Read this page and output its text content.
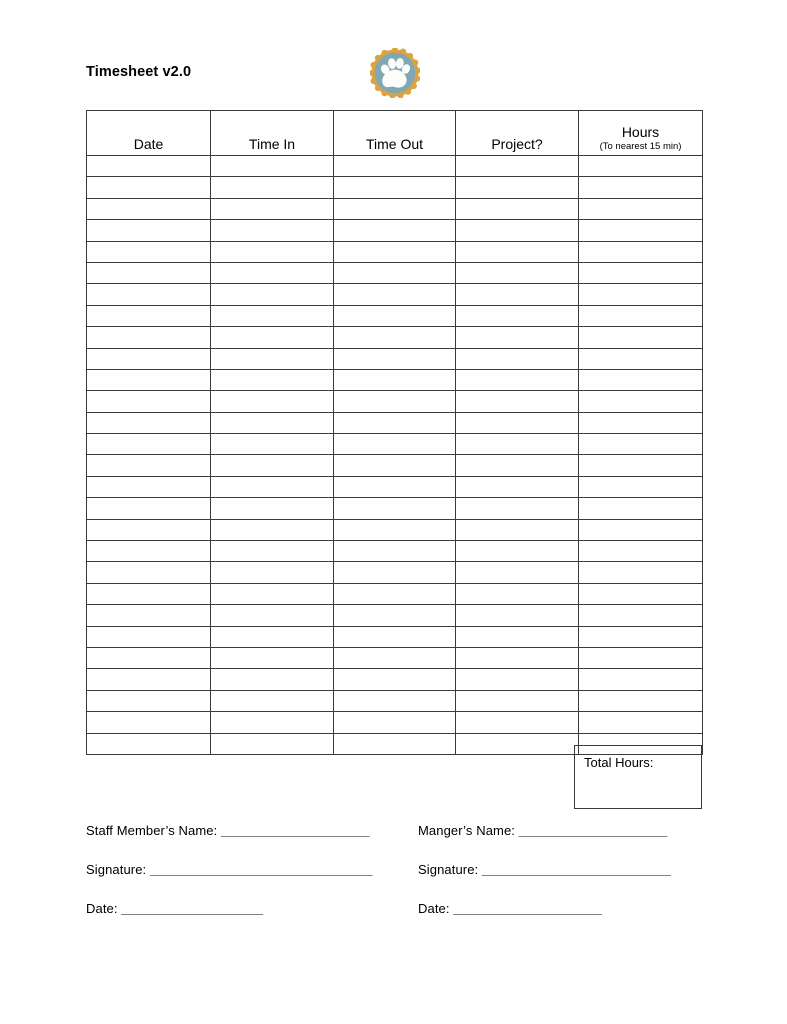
Timesheet v2.0
Date	Time In	Time Out	Project?	Hours
(To nearest 15 min)

Total Hours:
Staff Member’s Name: ______________________	Manger’s Name: ______________________
Signature: _________________________________	Signature: ____________________________
Date: _____________________	Date: ______________________
